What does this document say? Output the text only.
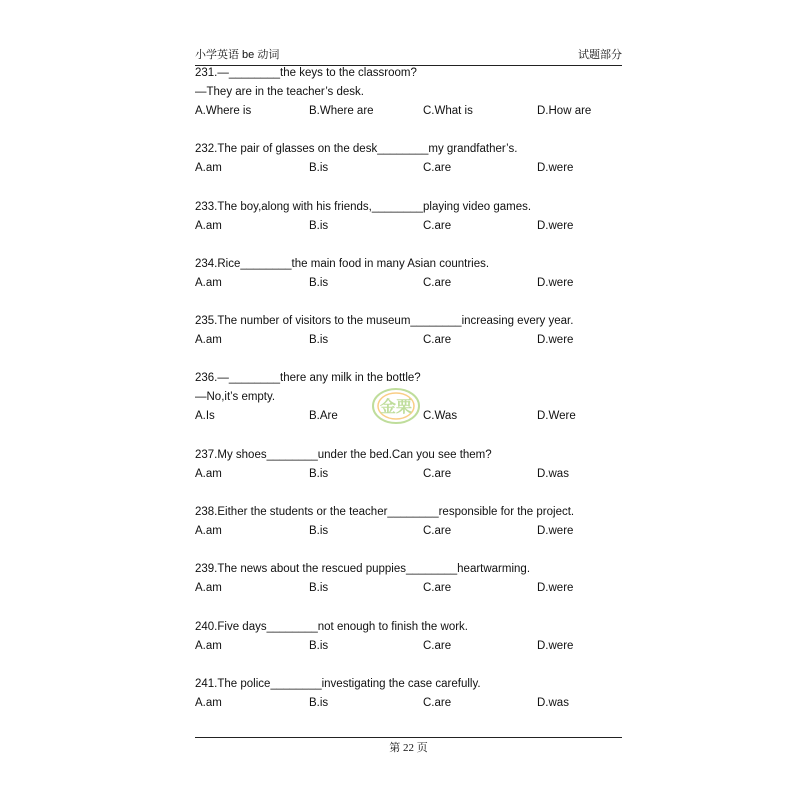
小学英语 be 动词	试题部分
231.—________the keys to the classroom?
—They are in the teacher’s desk.
A.Where is	B.Where are	C.What is	D.How are
232.The pair of glasses on the desk________my grandfather’s.
A.am	B.is	C.are	D.were
233.The boy,along with his friends,________playing video games.
A.am	B.is	C.are	D.were
234.Rice________the main food in many Asian countries.
A.am	B.is	C.are	D.were
235.The number of visitors to the museum________increasing every year.
A.am	B.is	C.are	D.were
236.—________there any milk in the bottle?
—No,it’s empty.
A.Is	B.Are	C.Was	D.Were
237.My shoes________under the bed.Can you see them?
A.am	B.is	C.are	D.was
238.Either the students or the teacher________responsible for the project.
A.am	B.is	C.are	D.were
239.The news about the rescued puppies________heartwarming.
A.am	B.is	C.are	D.were
240.Five days________not enough to finish the work.
A.am	B.is	C.are	D.were
241.The police________investigating the case carefully.
A.am	B.is	C.are	D.was
金栗
第 22 页
